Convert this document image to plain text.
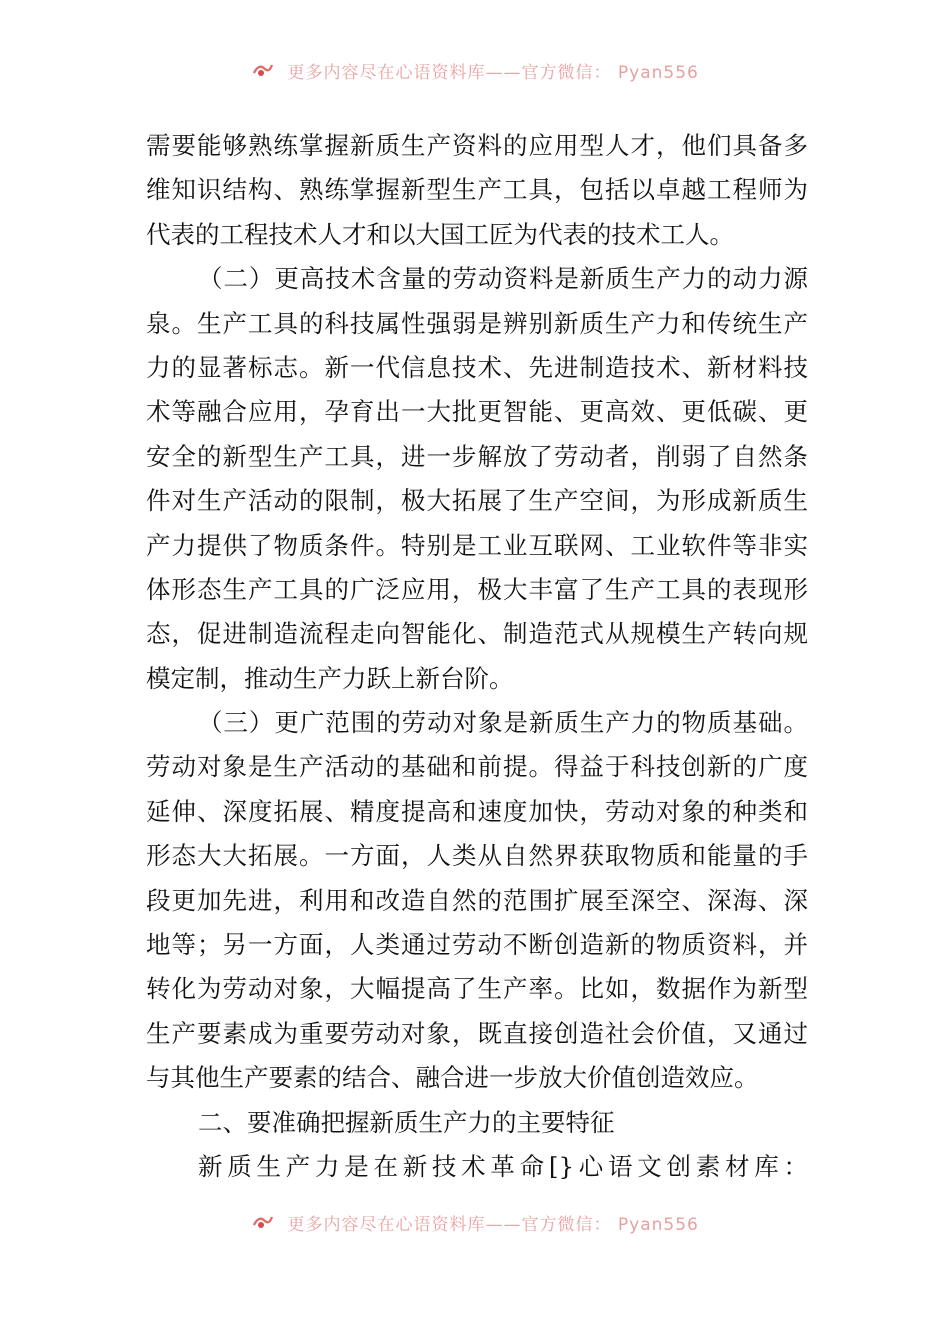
更多内容尽在心语资料库——官方微信： Pyan556
需要能够熟练掌握新质生产资料的应用型人才，他们具备多
维知识结构、熟练掌握新型生产工具，包括以卓越工程师为
代表的工程技术人才和以大国工匠为代表的技术工人。
（二）更高技术含量的劳动资料是新质生产力的动力源
泉。生产工具的科技属性强弱是辨别新质生产力和传统生产
力的显著标志。新一代信息技术、先进制造技术、新材料技
术等融合应用，孕育出一大批更智能、更高效、更低碳、更
安全的新型生产工具，进一步解放了劳动者，削弱了自然条
件对生产活动的限制，极大拓展了生产空间，为形成新质生
产力提供了物质条件。特别是工业互联网、工业软件等非实
体形态生产工具的广泛应用，极大丰富了生产工具的表现形
态，促进制造流程走向智能化、制造范式从规模生产转向规
模定制，推动生产力跃上新台阶。
（三）更广范围的劳动对象是新质生产力的物质基础。
劳动对象是生产活动的基础和前提。得益于科技创新的广度
延伸、深度拓展、精度提高和速度加快，劳动对象的种类和
形态大大拓展。一方面，人类从自然界获取物质和能量的手
段更加先进，利用和改造自然的范围扩展至深空、深海、深
地等；另一方面，人类通过劳动不断创造新的物质资料，并
转化为劳动对象，大幅提高了生产率。比如，数据作为新型
生产要素成为重要劳动对象，既直接创造社会价值，又通过
与其他生产要素的结合、融合进一步放大价值创造效应。
二、要准确把握新质生产力的主要特征
新质生产力是在新技术革命[}心语文创素材库：
更多内容尽在心语资料库——官方微信： Pyan556
